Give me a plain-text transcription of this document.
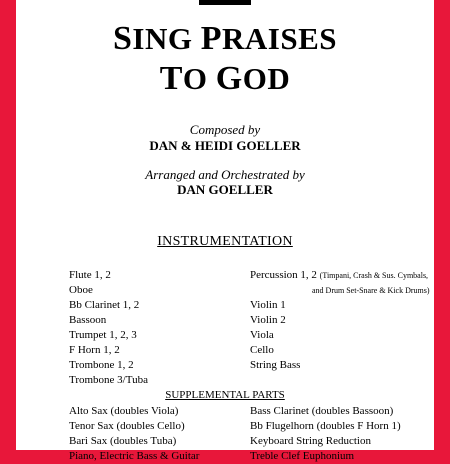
SING PRAISES
TO GOD
Composed by
DAN & HEIDI GOELLER
Arranged and Orchestrated by
DAN GOELLER
INSTRUMENTATION
Flute 1, 2
Oboe
Bb Clarinet 1, 2
Bassoon
Trumpet 1, 2, 3
F Horn 1, 2
Trombone 1, 2
Trombone 3/Tuba
Percussion 1, 2 (Timpani, Crash & Sus. Cymbals,
and Drum Set-Snare & Kick Drums)
Violin 1
Violin 2
Viola
Cello
String Bass
SUPPLEMENTAL PARTS
Alto Sax (doubles Viola)
Tenor Sax (doubles Cello)
Bari Sax (doubles Tuba)
Piano, Electric Bass & Guitar
Bass Clarinet (doubles Bassoon)
Bb Flugelhorn (doubles F Horn 1)
Keyboard String Reduction
Treble Clef Euphonium
